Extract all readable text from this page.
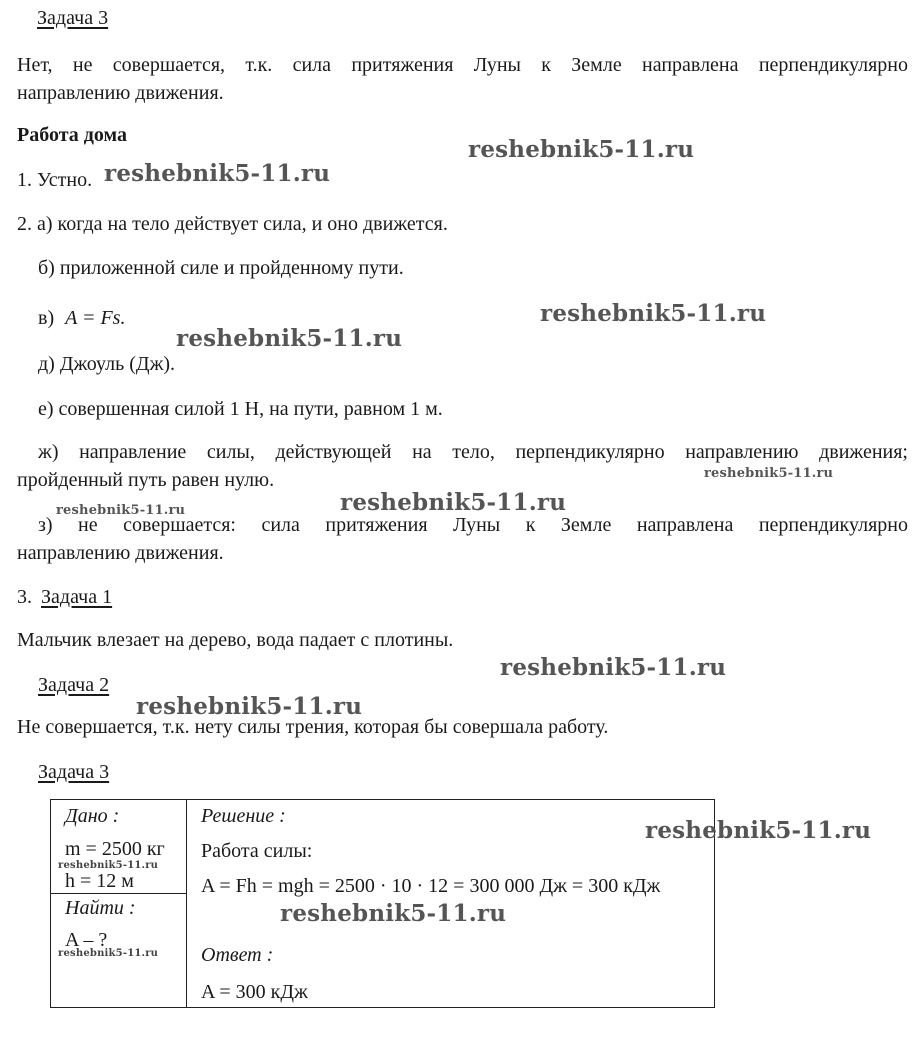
Задача 3
Нет, не совершается, т.к. сила притяжения Луны к Земле направлена перпендикулярно
направлению движения.
Работа дома
1. Устно.
2. а) когда на тело действует сила, и оно движется.
б) приложенной силе и пройденному пути.
в) A = Fs.
д) Джоуль (Дж).
е) совершенная силой 1 Н, на пути, равном 1 м.
ж) направление силы, действующей на тело, перпендикулярно направлению движения;
пройденный путь равен нулю.
з) не совершается: сила притяжения Луны к Земле направлена перпендикулярно
направлению движения.
3. Задача 1
Мальчик влезает на дерево, вода падает с плотины.
Задача 2
Не совершается, т.к. нету силы трения, которая бы совершала работу.
Задача 3
Дано :
m = 2500 кг
h = 12 м

Решение :
Работа силы:
A = Fh = mgh = 2500 · 10 · 12 = 300 000 Дж = 300 кДж
Ответ :
A = 300 кДж

Найти :
A – ?
reshebnik5-11.ru
reshebnik5-11.ru
reshebnik5-11.ru
reshebnik5-11.ru
reshebnik5-11.ru
reshebnik5-11.ru
reshebnik5-11.ru
reshebnik5-11.ru
reshebnik5-11.ru
reshebnik5-11.ru
reshebnik5-11.ru
reshebnik5-11.ru
reshebnik5-11.ru
